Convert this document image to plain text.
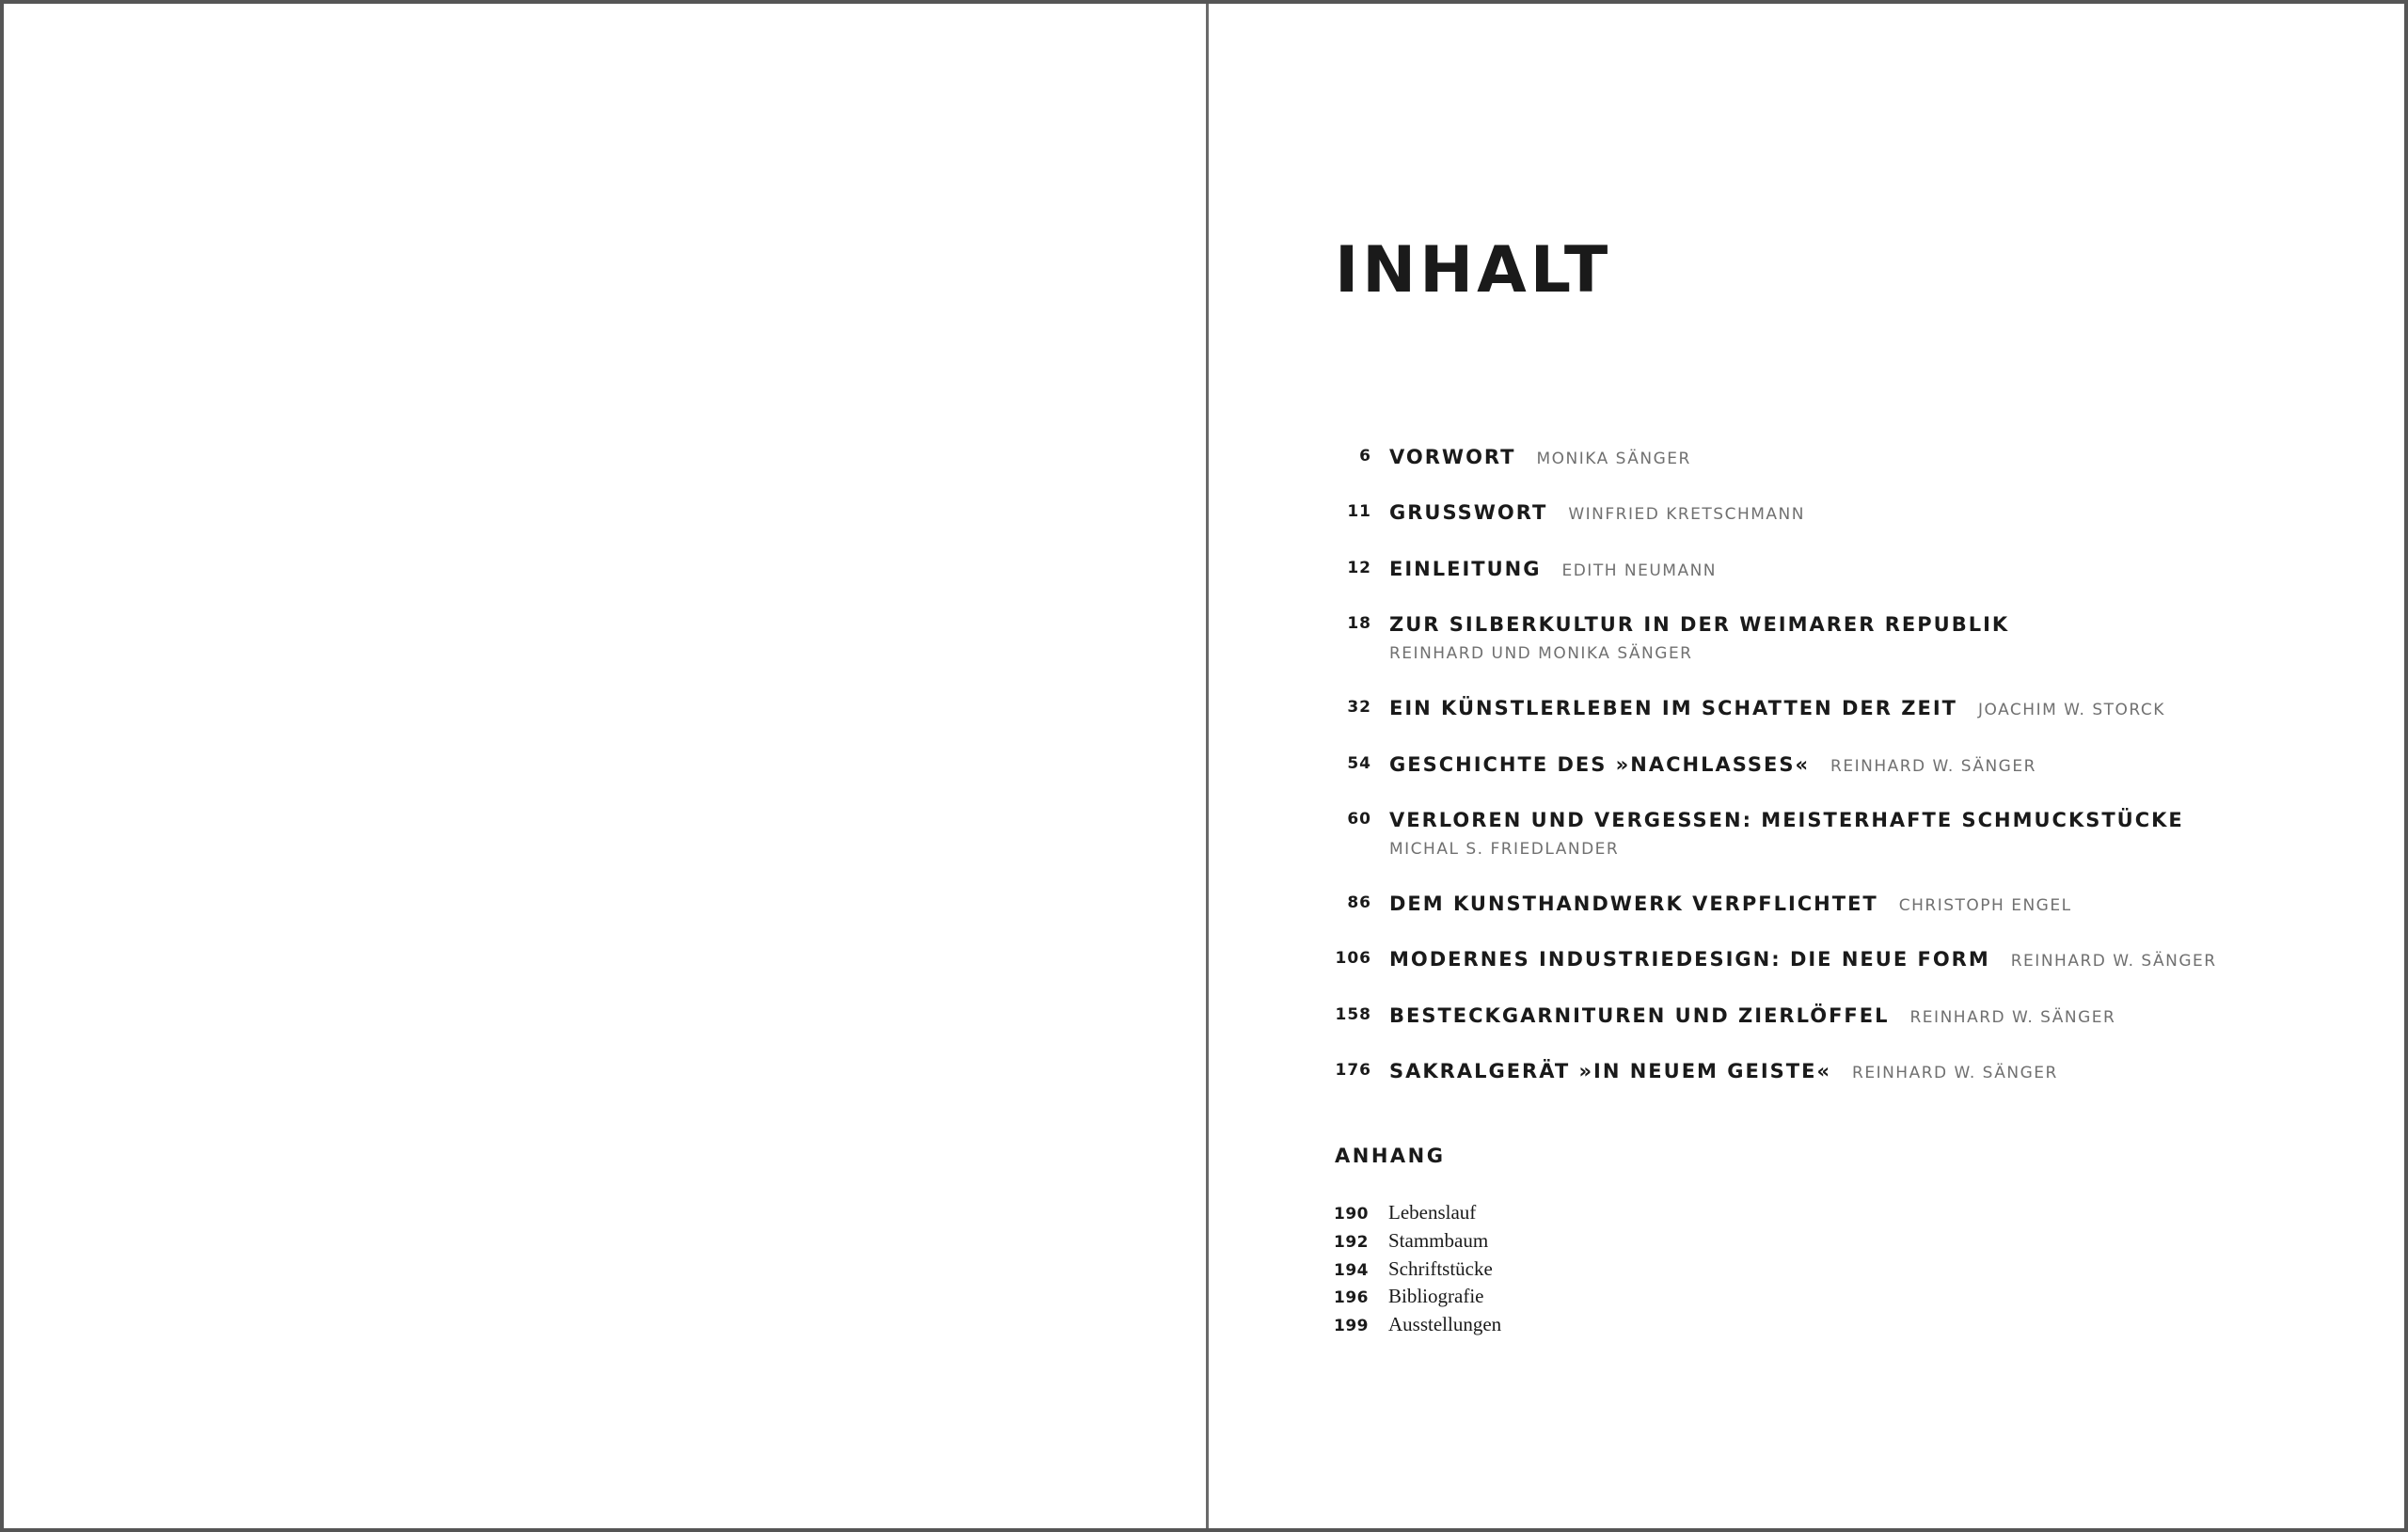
INHALT
6 VORWORT MONIKA SÄNGER
11 GRUSSWORT WINFRIED KRETSCHMANN
12 EINLEITUNG EDITH NEUMANN
18 ZUR SILBERKULTUR IN DER WEIMARER REPUBLIK
REINHARD UND MONIKA SÄNGER
32 EIN KÜNSTLERLEBEN IM SCHATTEN DER ZEIT JOACHIM W. STORCK
54 GESCHICHTE DES »NACHLASSES« REINHARD W. SÄNGER
60 VERLOREN UND VERGESSEN: MEISTERHAFTE SCHMUCKSTÜCKE
MICHAL S. FRIEDLANDER
86 DEM KUNSTHANDWERK VERPFLICHTET CHRISTOPH ENGEL
106 MODERNES INDUSTRIEDESIGN: DIE NEUE FORM REINHARD W. SÄNGER
158 BESTECKGARNITUREN UND ZIERLÖFFEL REINHARD W. SÄNGER
176 SAKRALGERÄT »IN NEUEM GEISTE« REINHARD W. SÄNGER
ANHANG
190 Lebenslauf
192 Stammbaum
194 Schriftstücke
196 Bibliografie
199 Ausstellungen
